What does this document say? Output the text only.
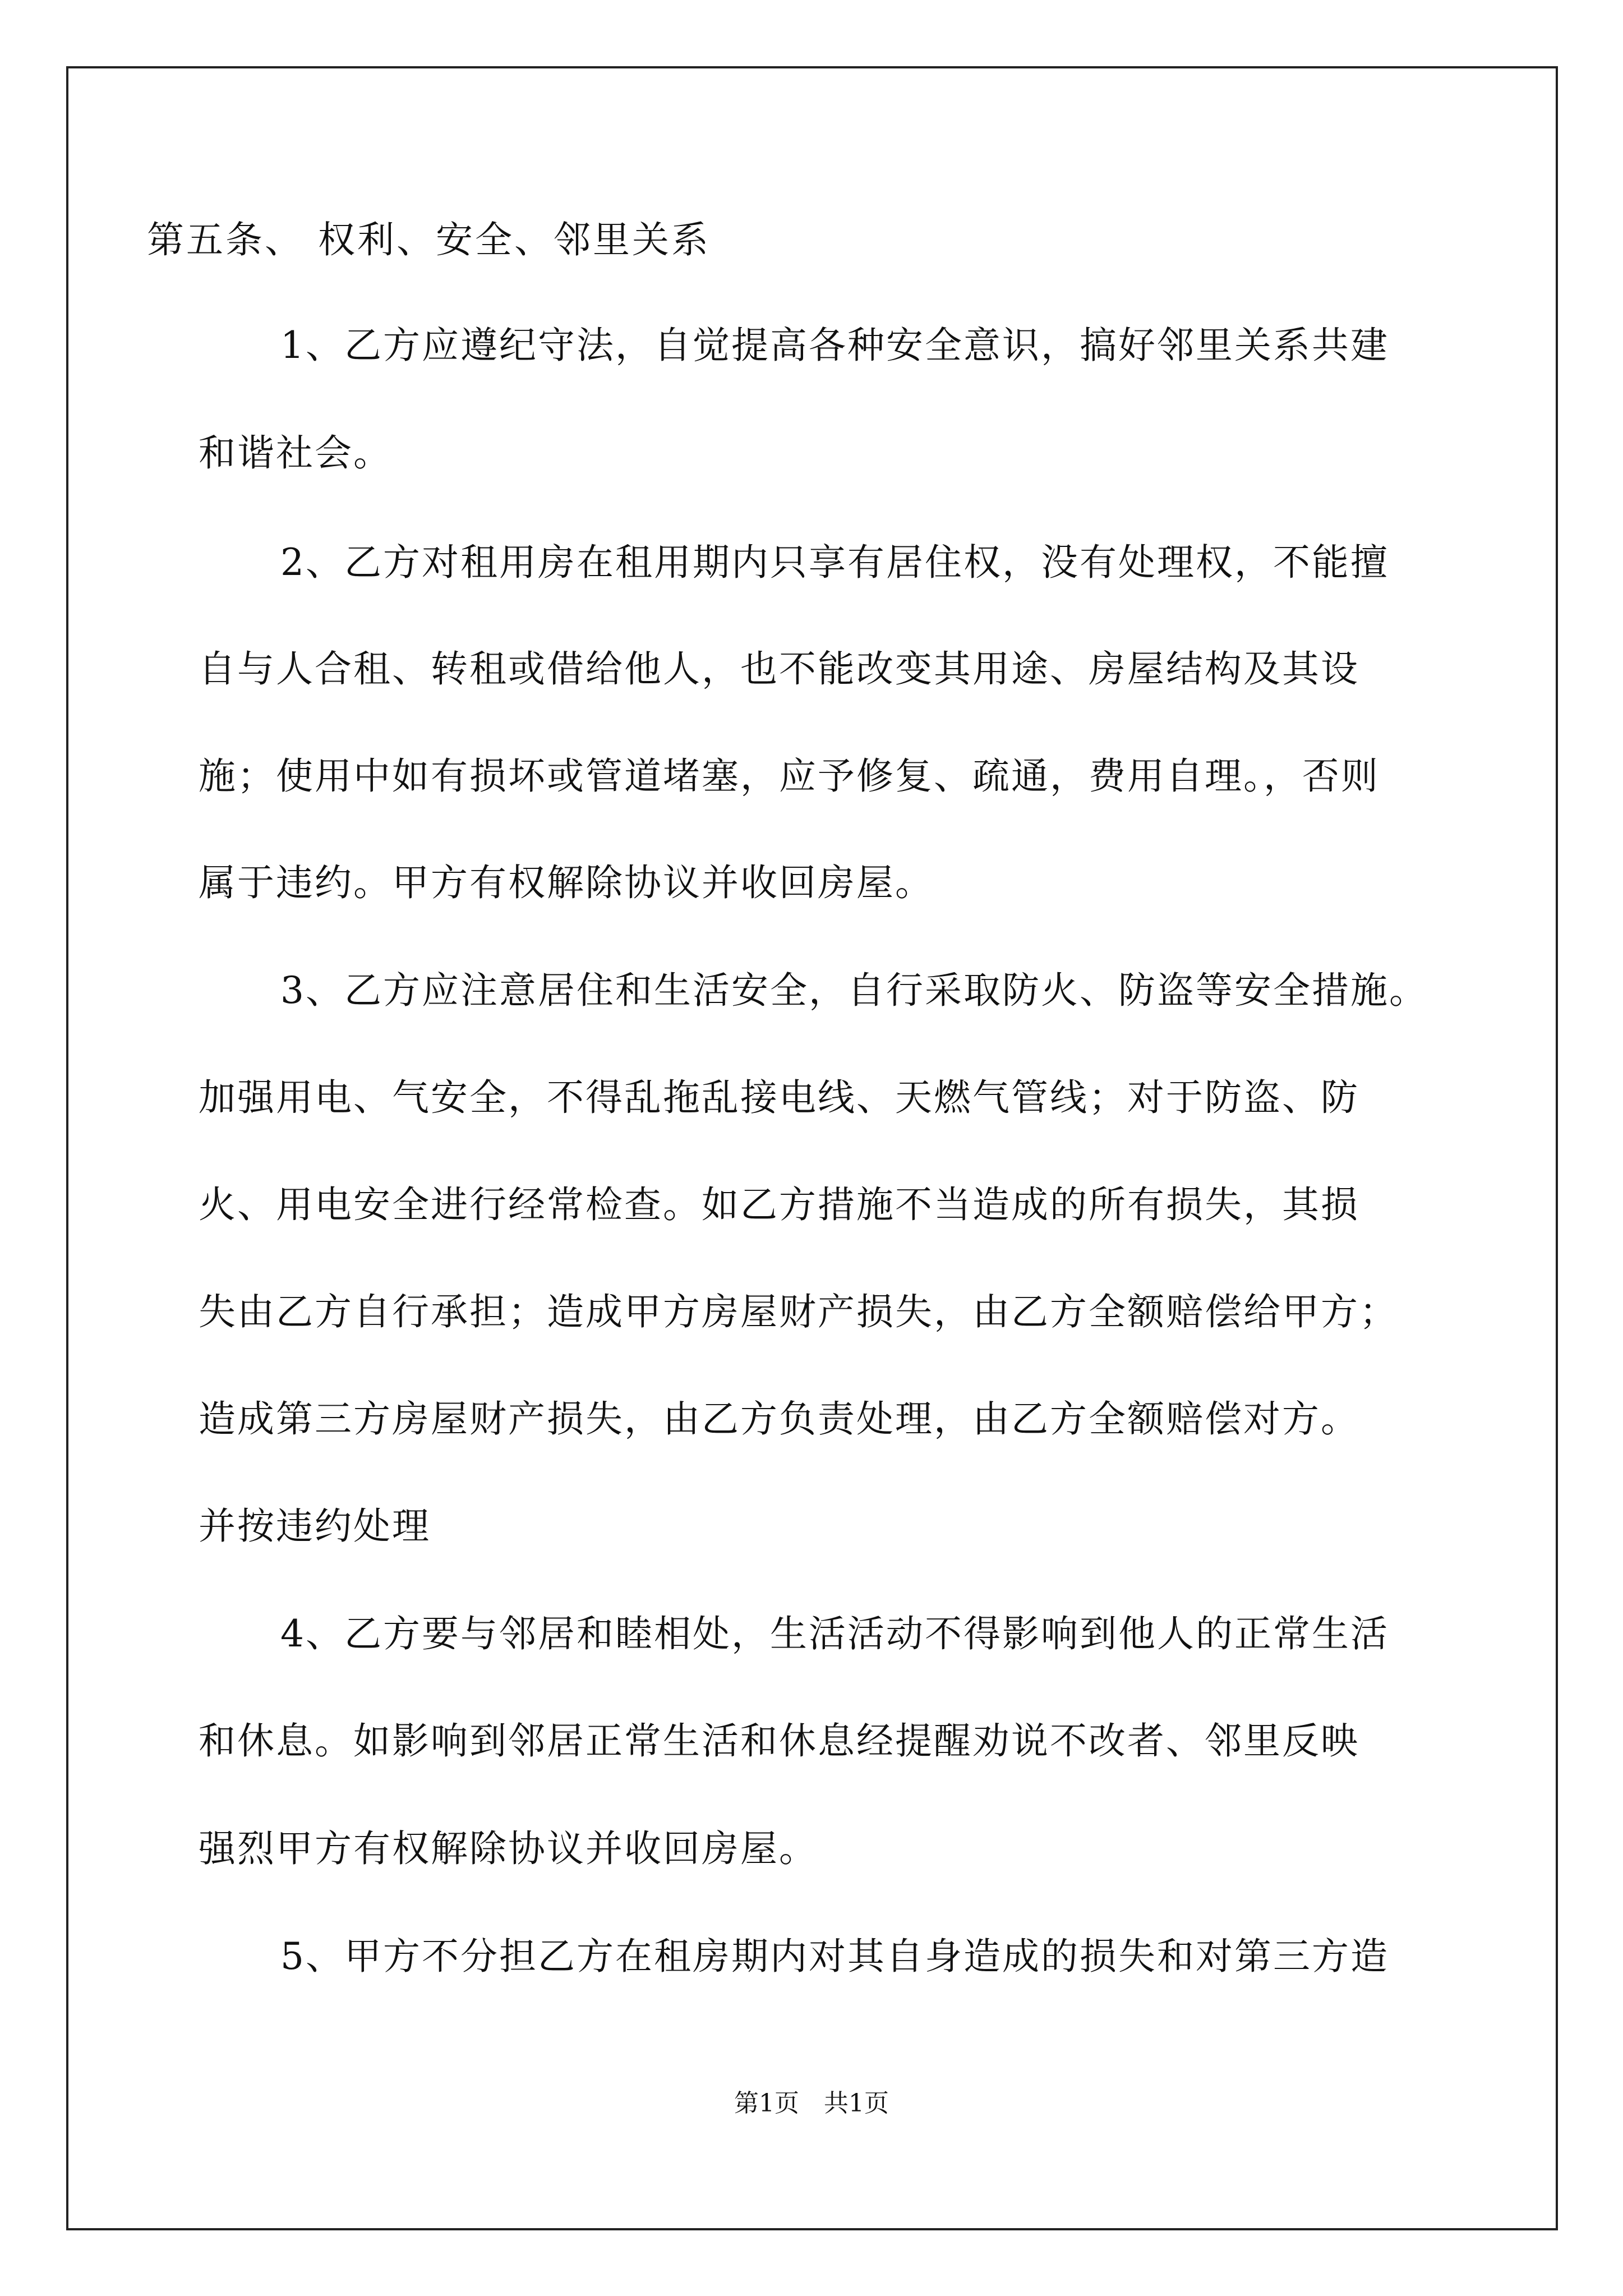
第五条、 权利、安全、邻里关系
1、乙方应遵纪守法，自觉提高各种安全意识，搞好邻里关系共建
和谐社会。
2、乙方对租用房在租用期内只享有居住权，没有处理权，不能擅
自与人合租、转租或借给他人，也不能改变其用途、房屋结构及其设
施；使用中如有损坏或管道堵塞，应予修复、疏通，费用自理。，否则
属于违约。甲方有权解除协议并收回房屋。
3、乙方应注意居住和生活安全，自行采取防火、防盗等安全措施。
加强用电、气安全，不得乱拖乱接电线、天燃气管线；对于防盗、防
火、用电安全进行经常检查。如乙方措施不当造成的所有损失，其损
失由乙方自行承担；造成甲方房屋财产损失，由乙方全额赔偿给甲方；
造成第三方房屋财产损失，由乙方负责处理，由乙方全额赔偿对方。
并按违约处理
4、乙方要与邻居和睦相处，生活活动不得影响到他人的正常生活
和休息。如影响到邻居正常生活和休息经提醒劝说不改者、邻里反映
强烈甲方有权解除协议并收回房屋。
5、甲方不分担乙方在租房期内对其自身造成的损失和对第三方造
第1页　共1页
